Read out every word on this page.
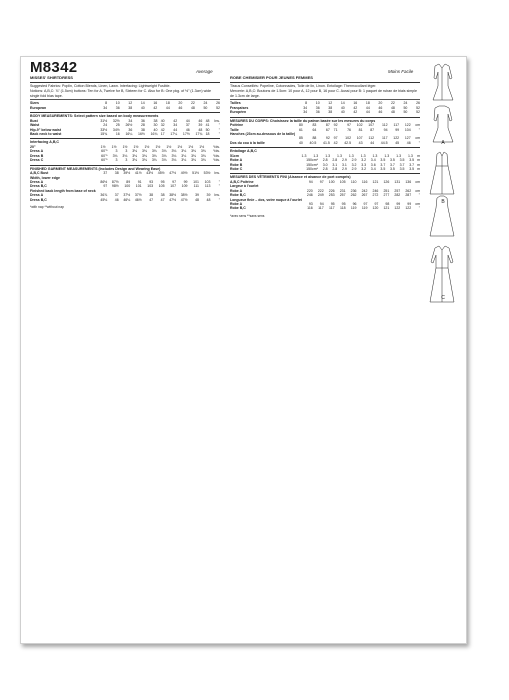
M8342	Average	Moins Facile
MISSES' SHIRTDRESS
Suggested Fabrics: Poplin, Cotton Blends, Linen, Lawn. Interfacing: Lightweight Fusible.
Notions: A,B,C: ⅞" (1.5cm) buttons: Ten for A, Twelve for B, Sixteen for C. Also for B: One pkg. of ½" (1.3cm) wide single fold bias tape.
Sizes	8	10	12	14	16	18	20	22	24	26
European	34	36	38	40	42	44	46	48	50	52
BODY MEASUREMENTS: Select pattern size based on body measurements
Bust	31½	32½	34	36	38	40	42	44	46	48	Ins.
Waist	24	25	26½	28	30	32	34	37	39	41	"
Hip-9" below waist	33½	34½	36	38	40	42	44	46	48	50	"
Back neck to waist	15¾	16	16¼	16½	16¾	17	17¼	17½	17¾	18	"
Interfacing A,B,C
20"	1½	1½	1½	1½	1½	1½	1½	1½	1½	1½	Yds.
Dress A	60"*	3	3	3⅛	3⅛	3⅛	3⅛	3⅛	3⅛	3⅛	3⅛	Yds.
Dress B	60"*	3⅛	3⅛	3⅛	3⅛	3⅛	3⅛	3⅛	3⅛	3⅛	3⅛	Yds.
Dress C	60"*	3	3	3⅛	3⅛	3⅛	3⅛	3⅛	3⅛	3⅛	3⅛	Yds.
FINISHED GARMENT MEASUREMENTS (Includes Design and Wearing Ease)
A,B,C Bust	37	38	39½	41½	43½	45½	47½	49½	51½	53½	Ins.
Width, lower edge											
Dress A	86½	87½	89	91	93	95	97	99	101	103	"
Dress B,C	97	98½	100	101	103	105	107	109	111	113	"
Finished back length from base of neck											
Dress A	36⅞	37	37½	37½	38	38	38½	38½	39	39	Ins.
Dress B,C	45⅛	46	46⅛	46½	47	47	47½	47½	48	48	"
*with nap **without nap
ROBE CHEMISIER POUR JEUNES FEMMES
Tissus Conseillés: Popeline, Cotonnades, Toile de lin, Linon. Entoilage: Thermocollant léger.
Mercerie: A,B,C: Boutons de 1.5cm: 10 pour A, 12 pour B, 16 pour C. Aussi pour B: 1 paquet de ruban de biais simple de 1.3cm de large.
Tailles	8	10	12	14	16	18	20	22	24	26
Françaises	34	36	38	40	42	44	46	48	50	52
Européen	34	36	38	40	42	44	46	48	50	52
MESURES DU CORPS: Choisissez la taille du patron basée sur les mesures du corps
Poitrine	80	83	87	92	97	102	107	112	117	122	cm
Taille	61	64	67	71	76	81	87	94	99	104	"
Hanches (23cm au-dessous de la taille)											
	85	88	92	97	102	107	112	117	122	127	cm
Dos du cou à la taille	40	40.5	41.5	42	42.5	43	44	44.5	45	46	"
Entoilage A,B,C
51cm	1.3	1.3	1.3	1.3	1.3	1.3	1.3	1.3	1.3	1.3	m
Robe A	150cm*	2.8	2.8	2.9	2.9	3.2	3.4	3.5	3.5	3.5	3.5	m
Robe B	150cm*	3.0	3.1	3.1	3.2	3.3	3.6	3.7	3.7	3.7	3.7	m
Robe C	150cm*	2.8	2.8	2.9	2.9	3.2	3.4	3.5	3.5	3.5	3.5	m
MESURES DES VÊTEMENTS FINI (Aisance et aisance de port compris)
A,B,C Poitrine	94	97	100	105	110	116	121	126	131	136	cm
Largeur à l'ourlet											
Robe A	220	222	226	231	236	242	246	251	257	262	cm
Robe B,C	246	249	253	257	262	267	272	277	282	287	"
Longueur finie – dos, votre nuque à l'ourlet											
Robe A	93	94	95	95	96	97	97	98	99	99	cm
Robe B,C	116	117	117	118	119	119	120	121	122	122	"
*avec sens **sans sens
A
B
C
